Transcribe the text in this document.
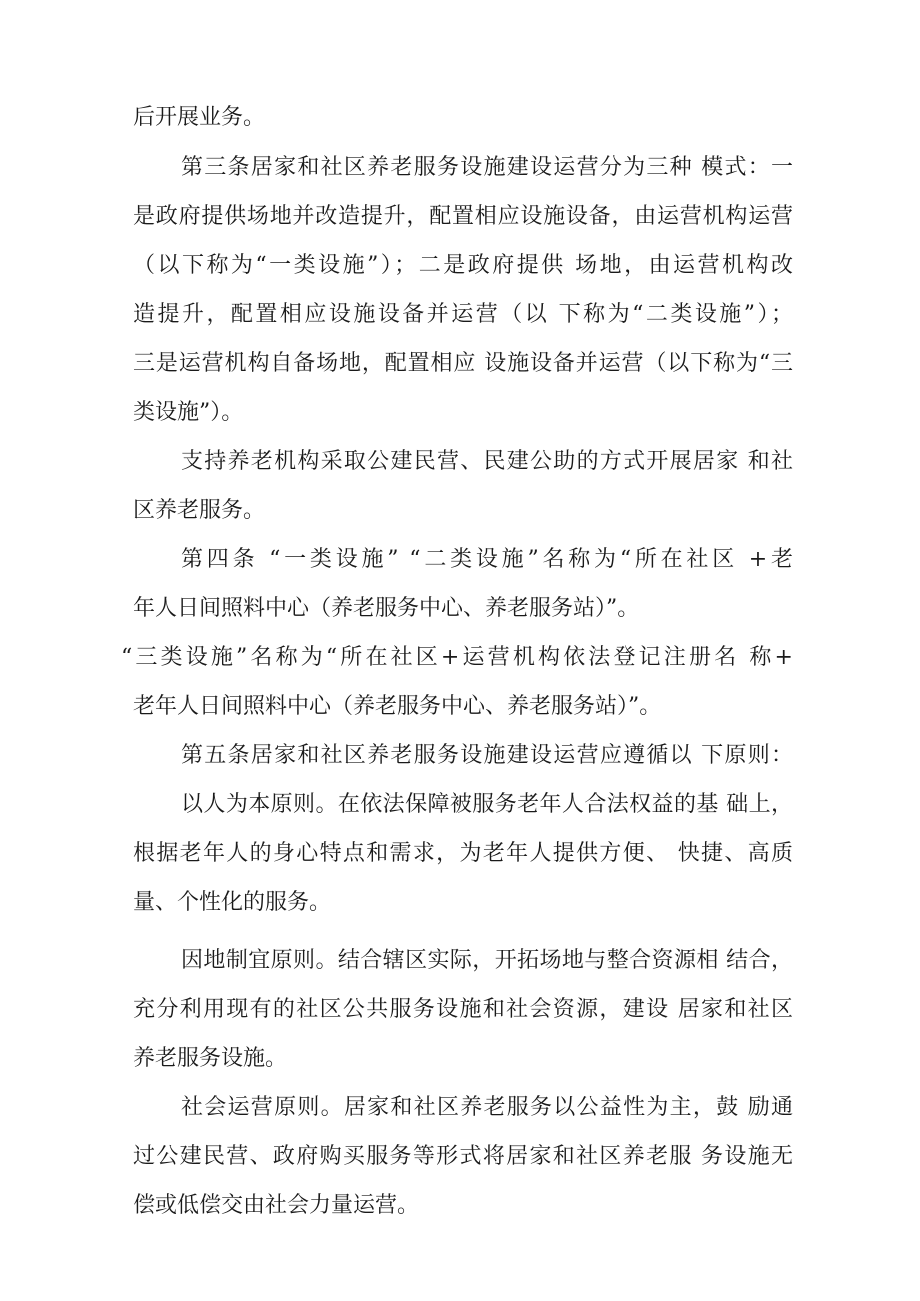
后开展业务。
第三条居家和社区养老服务设施建设运营分为三种 模式：一
是政府提供场地并改造提升，配置相应设施设备，由运营机构运营
（以下称为“一类设施”）；二是政府提供 场地，由运营机构改
造提升，配置相应设施设备并运营（以 下称为“二类设施”）；
三是运营机构自备场地，配置相应 设施设备并运营（以下称为“三
类设施”）。
支持养老机构采取公建民营、民建公助的方式开展居家 和社
区养老服务。
第四条 “一类设施” “二类设施”名称为“所在社区 +老
年人日间照料中心（养老服务中心、养老服务站）”。
“三类设施”名称为“所在社区+运营机构依法登记注册名 称+
老年人日间照料中心（养老服务中心、养老服务站）”。
第五条居家和社区养老服务设施建设运营应遵循以 下原则：
以人为本原则。在依法保障被服务老年人合法权益的基 础上，
根据老年人的身心特点和需求，为老年人提供方便、 快捷、高质
量、个性化的服务。
因地制宜原则。结合辖区实际，开拓场地与整合资源相 结合，
充分利用现有的社区公共服务设施和社会资源，建设 居家和社区
养老服务设施。
社会运营原则。居家和社区养老服务以公益性为主，鼓 励通
过公建民营、政府购买服务等形式将居家和社区养老服 务设施无
偿或低偿交由社会力量运营。
